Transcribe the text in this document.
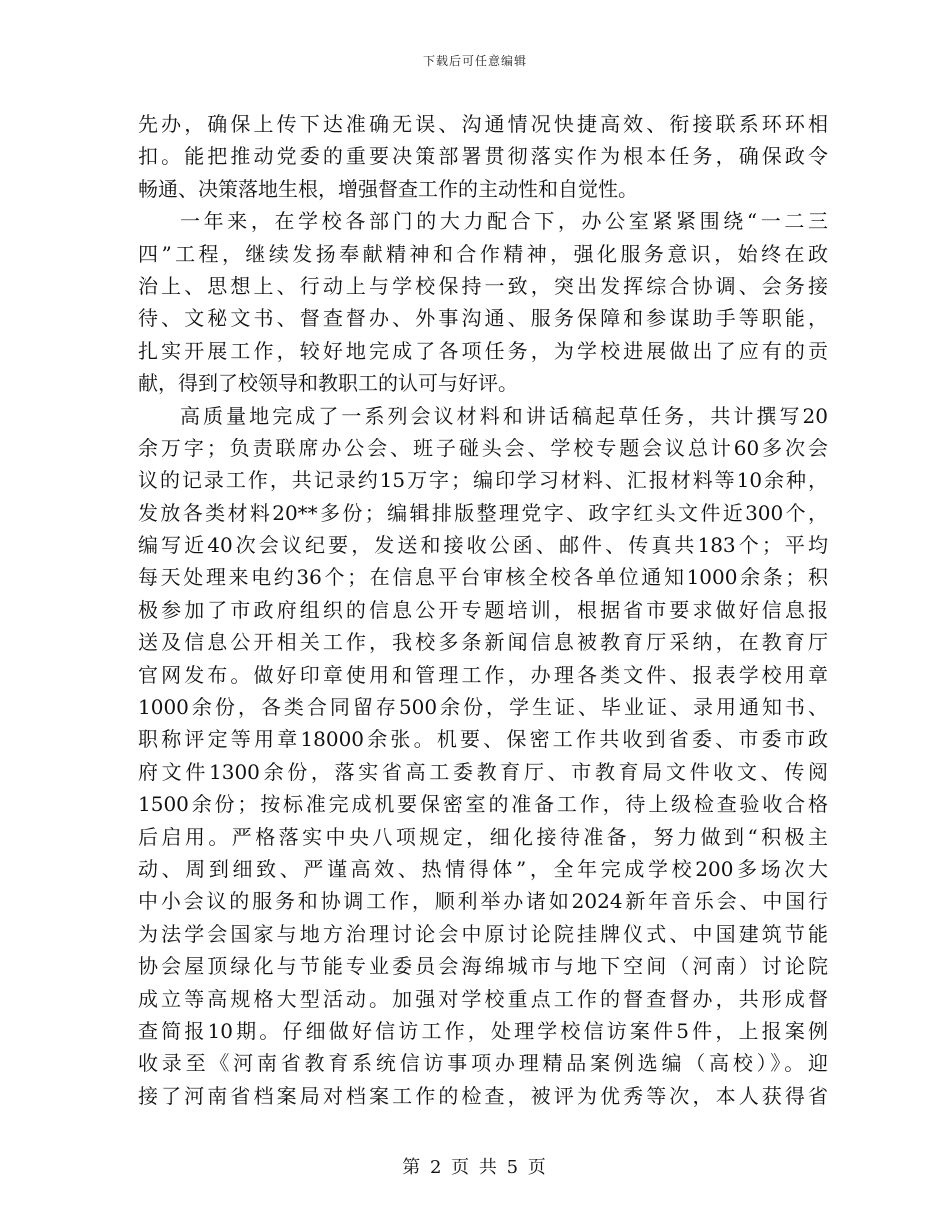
下载后可任意编辑
先办，确保上传下达准确无误、沟通情况快捷高效、衔接联系环环相
扣。能把推动党委的重要决策部署贯彻落实作为根本任务，确保政令
畅通、决策落地生根，增强督查工作的主动性和自觉性。
一年来，在学校各部门的大力配合下，办公室紧紧围绕“一二三
四”工程，继续发扬奉献精神和合作精神，强化服务意识，始终在政
治上、思想上、行动上与学校保持一致，突出发挥综合协调、会务接
待、文秘文书、督查督办、外事沟通、服务保障和参谋助手等职能，
扎实开展工作，较好地完成了各项任务，为学校进展做出了应有的贡
献，得到了校领导和教职工的认可与好评。
高质量地完成了一系列会议材料和讲话稿起草任务，共计撰写20
余万字；负责联席办公会、班子碰头会、学校专题会议总计60多次会
议的记录工作，共记录约15万字；编印学习材料、汇报材料等10余种，
发放各类材料20**多份；编辑排版整理党字、政字红头文件近300个，
编写近40次会议纪要，发送和接收公函、邮件、传真共183个；平均
每天处理来电约36个；在信息平台审核全校各单位通知1000余条；积
极参加了市政府组织的信息公开专题培训，根据省市要求做好信息报
送及信息公开相关工作，我校多条新闻信息被教育厅采纳，在教育厅
官网发布。做好印章使用和管理工作，办理各类文件、报表学校用章
1000余份，各类合同留存500余份，学生证、毕业证、录用通知书、
职称评定等用章18000余张。机要、保密工作共收到省委、市委市政
府文件1300余份，落实省高工委教育厅、市教育局文件收文、传阅
1500余份；按标准完成机要保密室的准备工作，待上级检查验收合格
后启用。严格落实中央八项规定，细化接待准备，努力做到“积极主
动、周到细致、严谨高效、热情得体”，全年完成学校200多场次大
中小会议的服务和协调工作，顺利举办诸如2024新年音乐会、中国行
为法学会国家与地方治理讨论会中原讨论院挂牌仪式、中国建筑节能
协会屋顶绿化与节能专业委员会海绵城市与地下空间（河南）讨论院
成立等高规格大型活动。加强对学校重点工作的督查督办，共形成督
查简报10期。仔细做好信访工作，处理学校信访案件5件，上报案例
收录至《河南省教育系统信访事项办理精品案例选编（高校）》。迎
接了河南省档案局对档案工作的检查，被评为优秀等次，本人获得省
第 2 页 共 5 页
